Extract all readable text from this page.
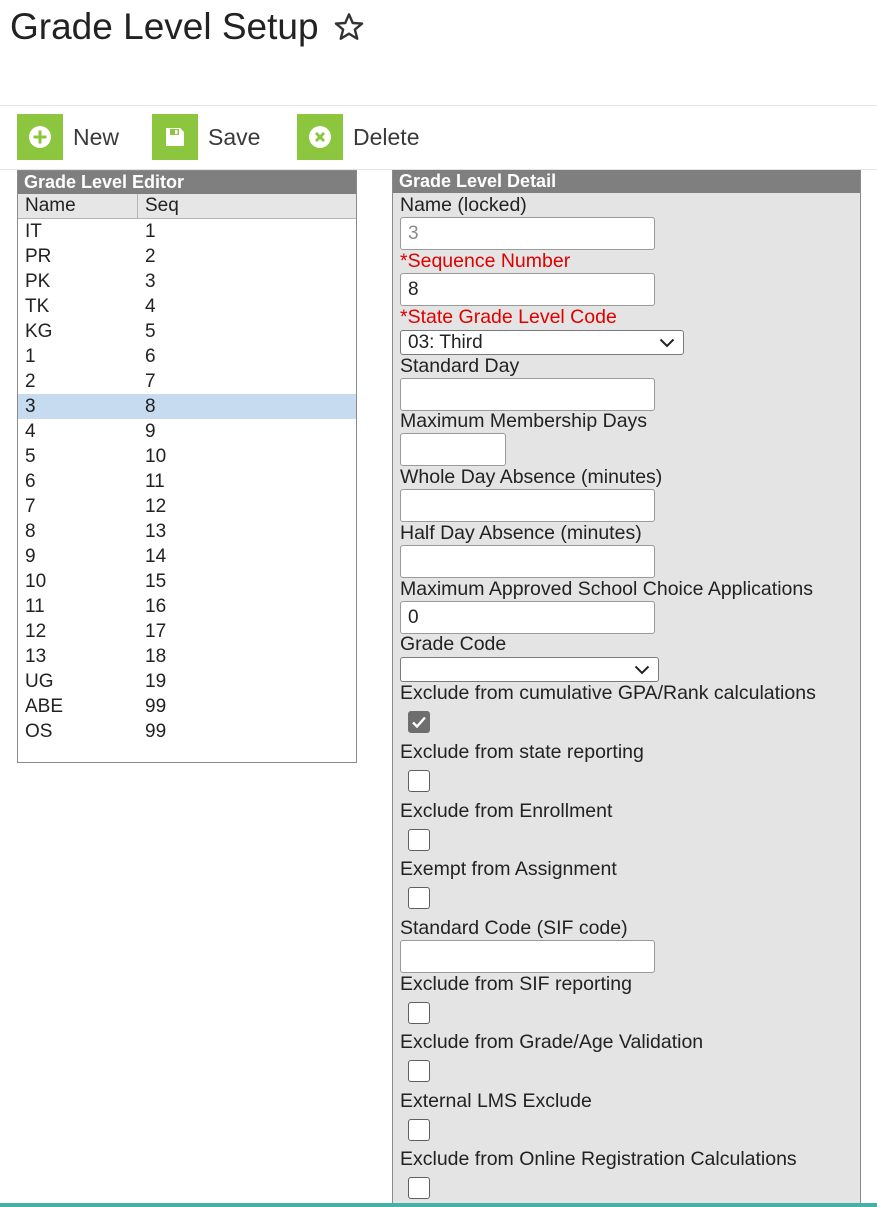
Grade Level Setup
New	Save	Delete
Grade Level Editor
Name	Seq
IT	1
PR	2
PK	3
TK	4
KG	5
1	6
2	7
3	8
4	9
5	10
6	11
7	12
8	13
9	14
10	15
11	16
12	17
13	18
UG	19
ABE	99
OS	99
Grade Level Detail
Name (locked)
3
*Sequence Number
8
*State Grade Level Code
03: Third
Standard Day
Maximum Membership Days
Whole Day Absence (minutes)
Half Day Absence (minutes)
Maximum Approved School Choice Applications
0
Grade Code
Exclude from cumulative GPA/Rank calculations
Exclude from state reporting
Exclude from Enrollment
Exempt from Assignment
Standard Code (SIF code)
Exclude from SIF reporting
Exclude from Grade/Age Validation
External LMS Exclude
Exclude from Online Registration Calculations
